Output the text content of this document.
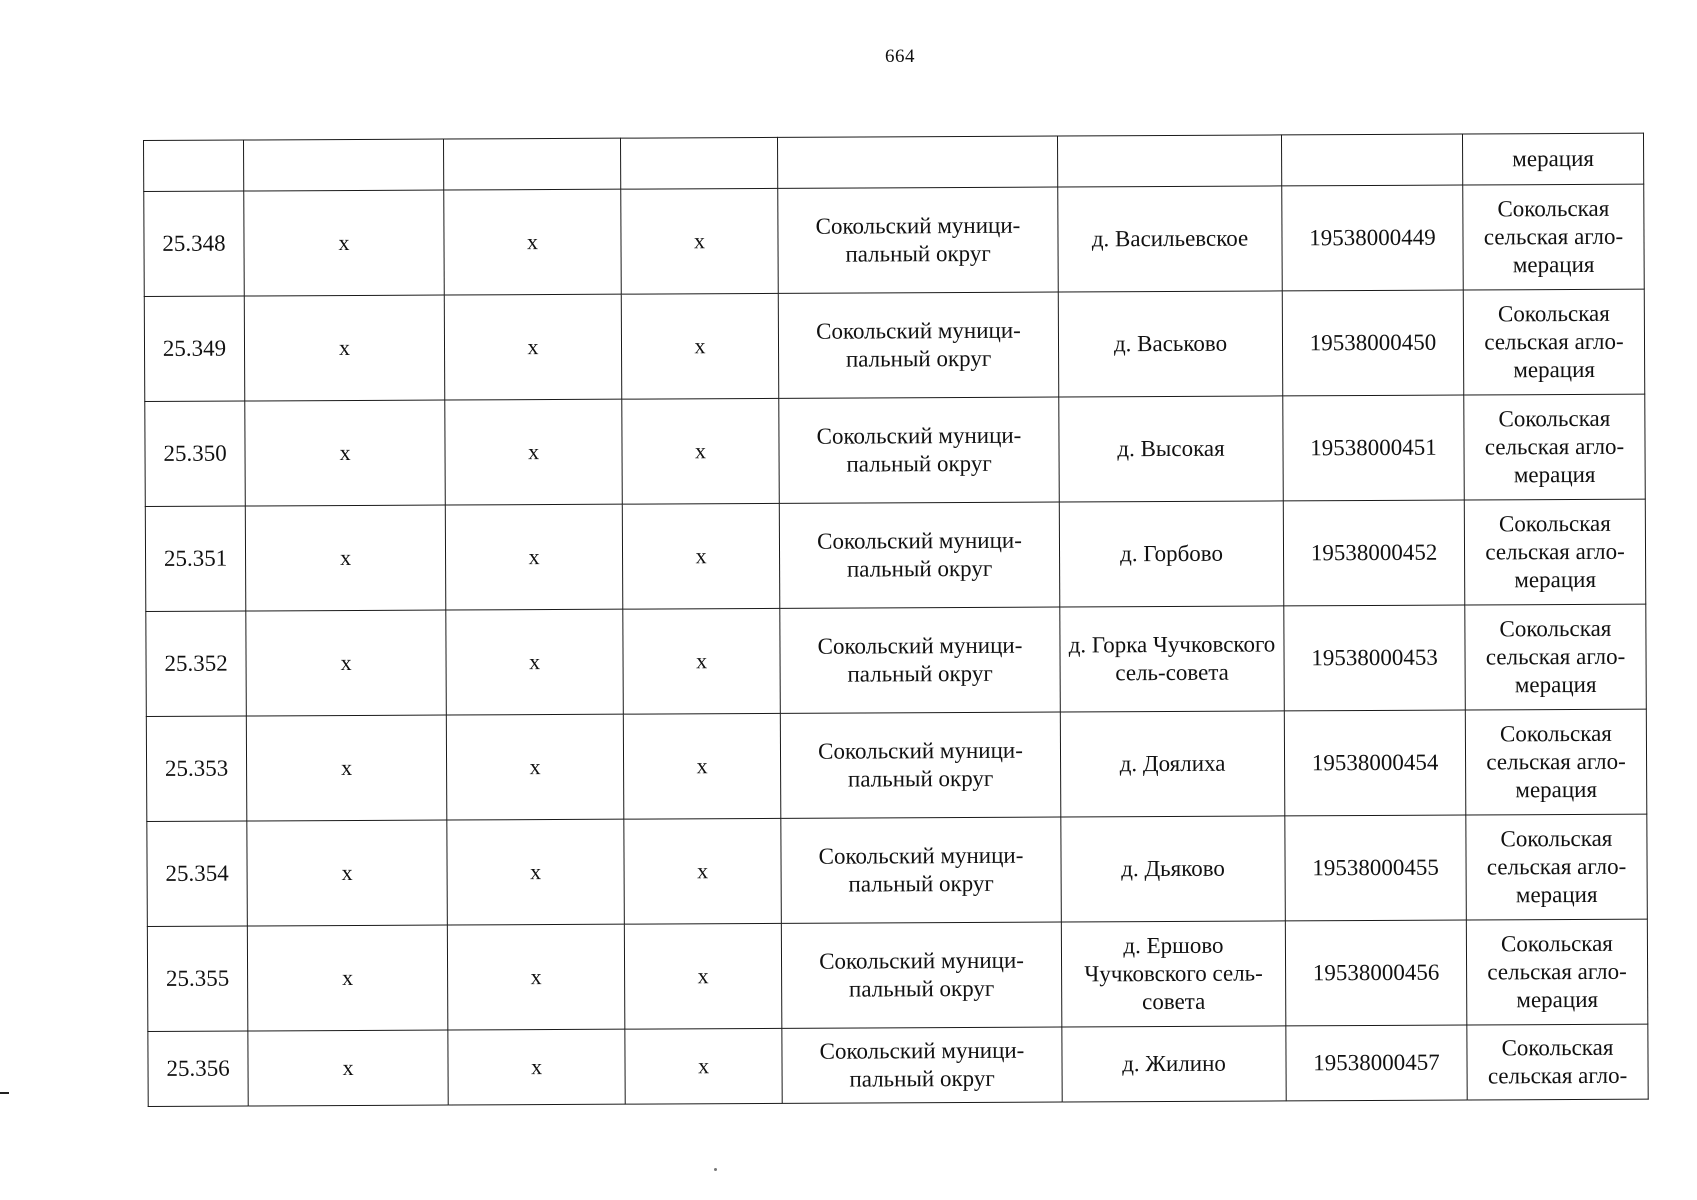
664
							мерация
25.348	x	x	x	Сокольский муници-пальный округ	д. Васильевское	19538000449	Сокольская сельская агло-мерация
25.349	x	x	x	Сокольский муници-пальный округ	д. Васьково	19538000450	Сокольская сельская агло-мерация
25.350	x	x	x	Сокольский муници-пальный округ	д. Высокая	19538000451	Сокольская сельская агло-мерация
25.351	x	x	x	Сокольский муници-пальный округ	д. Горбово	19538000452	Сокольская сельская агло-мерация
25.352	x	x	x	Сокольский муници-пальный округ	д. Горка Чучковского сель-совета	19538000453	Сокольская сельская агло-мерация
25.353	x	x	x	Сокольский муници-пальный округ	д. Доялиха	19538000454	Сокольская сельская агло-мерация
25.354	x	x	x	Сокольский муници-пальный округ	д. Дьяково	19538000455	Сокольская сельская агло-мерация
25.355	x	x	x	Сокольский муници-пальный округ	д. Ершово Чучковского сель-совета	19538000456	Сокольская сельская агло-мерация
25.356	x	x	x	Сокольский муници-пальный округ	д. Жилино	19538000457	Сокольская сельская агло-
